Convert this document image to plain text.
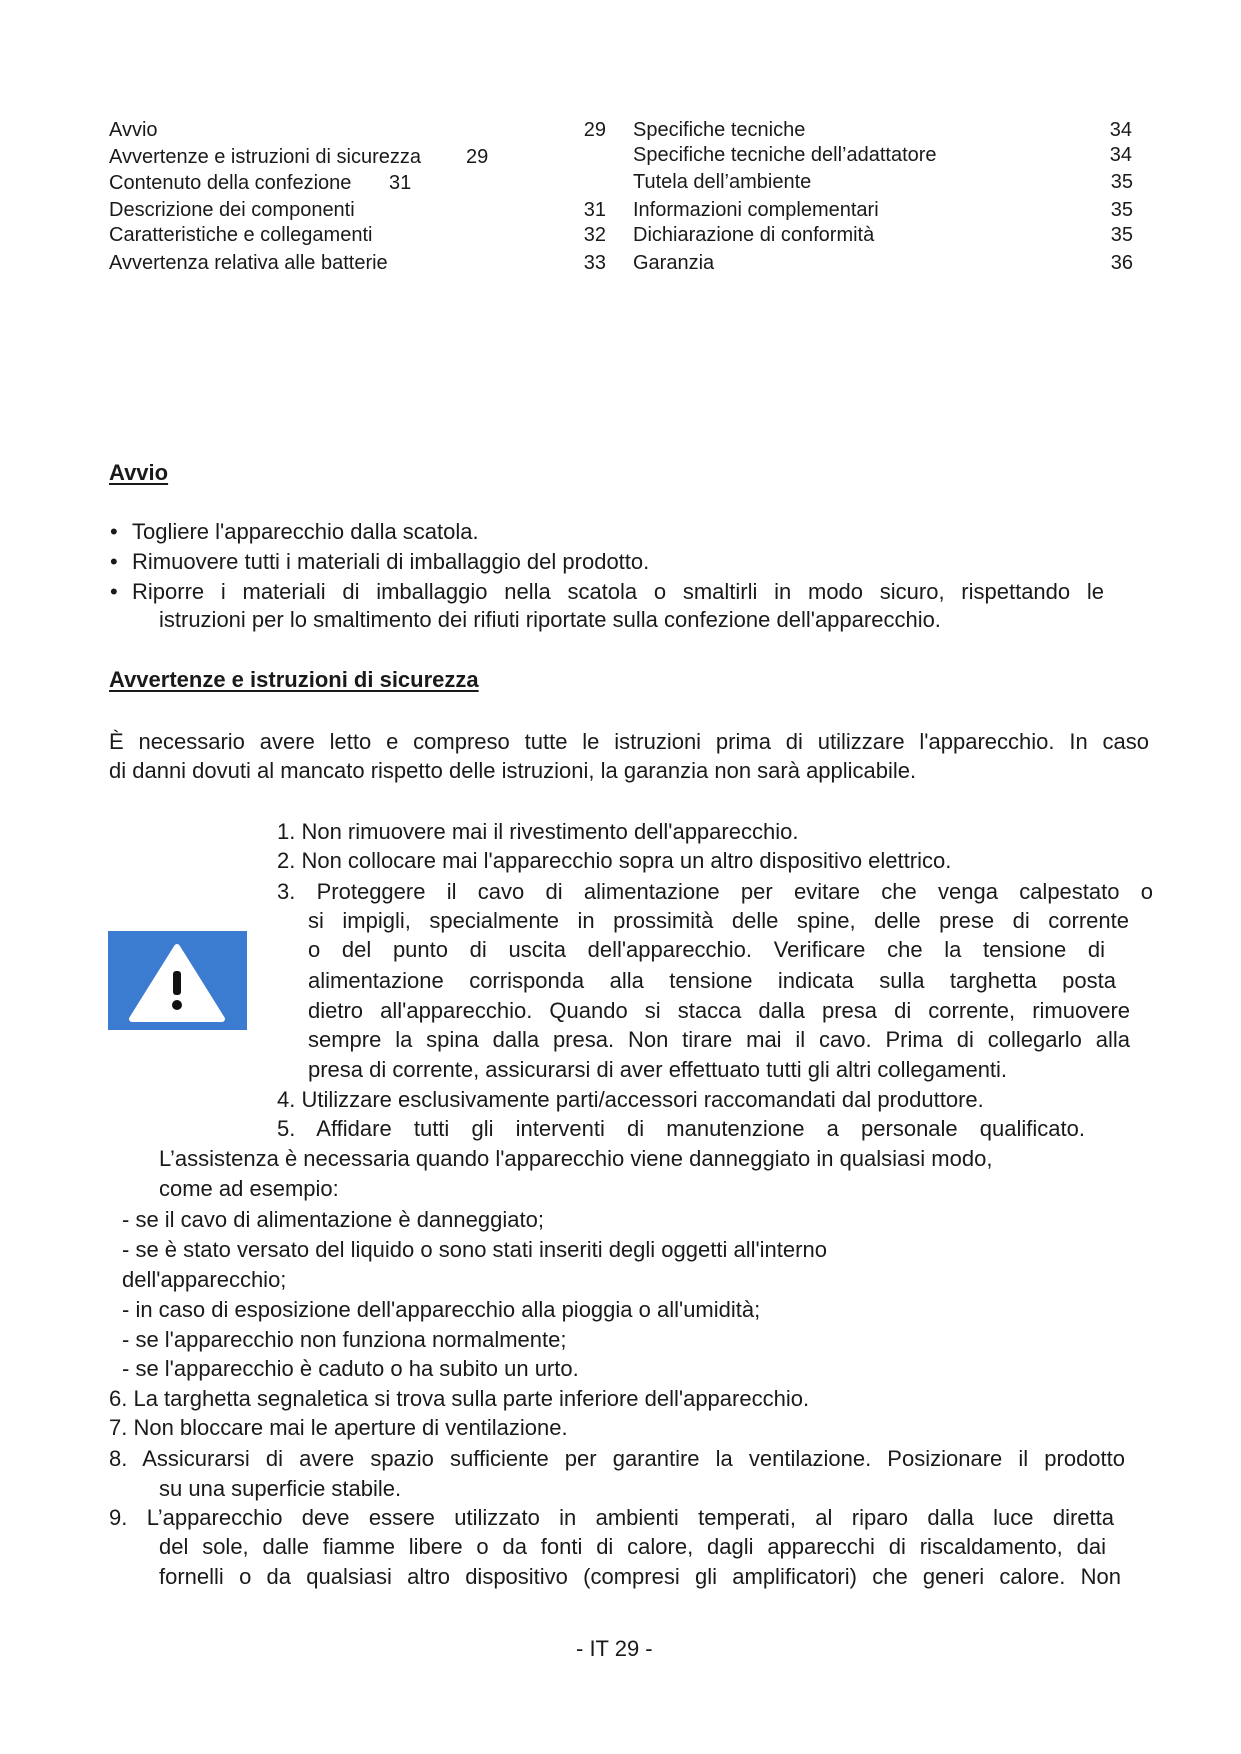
Avvio	29
Avvertenze e istruzioni di sicurezza 29
Contenuto della confezione 31
Descrizione dei componenti	31
Caratteristiche e collegamenti	32
Avvertenza relativa alle batterie	33
Specifiche tecniche	34
Specifiche tecniche dell’adattatore	34
Tutela dell’ambiente	35
Informazioni complementari	35
Dichiarazione di conformità	35
Garanzia	36
Avvio
• Togliere l'apparecchio dalla scatola.
• Rimuovere tutti i materiali di imballaggio del prodotto.
• Riporre i materiali di imballaggio nella scatola o smaltirli in modo sicuro, rispettando le
istruzioni per lo smaltimento dei rifiuti riportate sulla confezione dell'apparecchio.
Avvertenze e istruzioni di sicurezza
È necessario avere letto e compreso tutte le istruzioni prima di utilizzare l'apparecchio. In caso
di danni dovuti al mancato rispetto delle istruzioni, la garanzia non sarà applicabile.
1. Non rimuovere mai il rivestimento dell'apparecchio.
2. Non collocare mai l'apparecchio sopra un altro dispositivo elettrico.
3. Proteggere il cavo di alimentazione per evitare che venga calpestato o
si impigli, specialmente in prossimità delle spine, delle prese di corrente
o del punto di uscita dell'apparecchio. Verificare che la tensione di
alimentazione corrisponda alla tensione indicata sulla targhetta posta
dietro all'apparecchio. Quando si stacca dalla presa di corrente, rimuovere
sempre la spina dalla presa. Non tirare mai il cavo. Prima di collegarlo alla
presa di corrente, assicurarsi di aver effettuato tutti gli altri collegamenti.
4. Utilizzare esclusivamente parti/accessori raccomandati dal produttore.
5. Affidare tutti gli interventi di manutenzione a personale qualificato.
L’assistenza è necessaria quando l'apparecchio viene danneggiato in qualsiasi modo,
come ad esempio:
- se il cavo di alimentazione è danneggiato;
- se è stato versato del liquido o sono stati inseriti degli oggetti all'interno
dell'apparecchio;
- in caso di esposizione dell'apparecchio alla pioggia o all'umidità;
- se l'apparecchio non funziona normalmente;
- se l'apparecchio è caduto o ha subito un urto.
6. La targhetta segnaletica si trova sulla parte inferiore dell'apparecchio.
7. Non bloccare mai le aperture di ventilazione.
8. Assicurarsi di avere spazio sufficiente per garantire la ventilazione. Posizionare il prodotto
su una superficie stabile.
9. L’apparecchio deve essere utilizzato in ambienti temperati, al riparo dalla luce diretta
del sole, dalle fiamme libere o da fonti di calore, dagli apparecchi di riscaldamento, dai
fornelli o da qualsiasi altro dispositivo (compresi gli amplificatori) che generi calore. Non
- IT 29 -
